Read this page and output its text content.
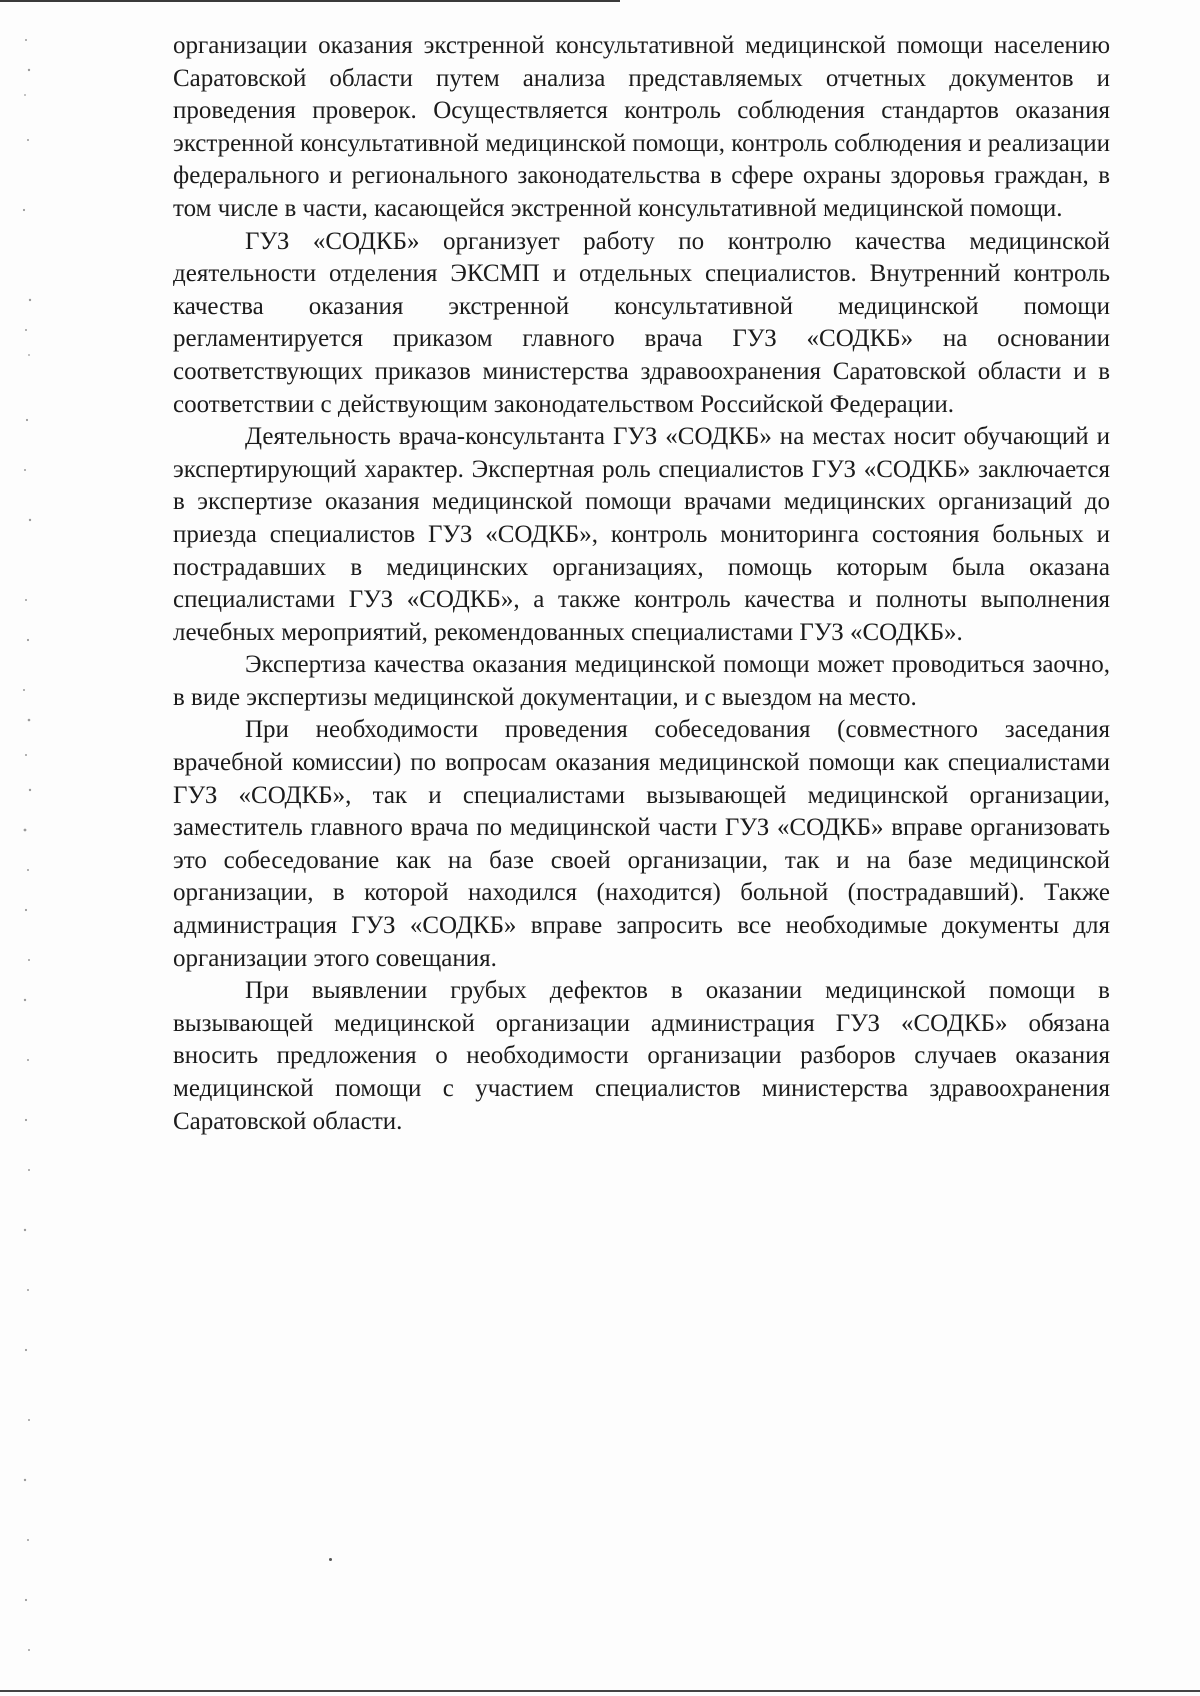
организации оказания экстренной консультативной медицинской помощи населению Саратовской области путем анализа представляемых отчетных документов и проведения проверок. Осуществляется контроль соблюдения стандартов оказания экстренной консультативной медицинской помощи, контроль соблюдения и реализации федерального и регионального законодательства в сфере охраны здоровья граждан, в том числе в части, касающейся экстренной консультативной медицинской помощи.

ГУЗ «СОДКБ» организует работу по контролю качества медицинской деятельности отделения ЭКСМП и отдельных специалистов. Внутренний контроль качества оказания экстренной консультативной медицинской помощи регламентируется приказом главного врача ГУЗ «СОДКБ» на основании соответствующих приказов министерства здравоохранения Саратовской области и в соответствии с действующим законодательством Российской Федерации.

Деятельность врача-консультанта ГУЗ «СОДКБ» на местах носит обучающий и экспертирующий характер. Экспертная роль специалистов ГУЗ «СОДКБ» заключается в экспертизе оказания медицинской помощи врачами медицинских организаций до приезда специалистов ГУЗ «СОДКБ», контроль мониторинга состояния больных и пострадавших в медицинских организациях, помощь которым была оказана специалистами ГУЗ «СОДКБ», а также контроль качества и полноты выполнения лечебных мероприятий, рекомендованных специалистами ГУЗ «СОДКБ».

Экспертиза качества оказания медицинской помощи может проводиться заочно, в виде экспертизы медицинской документации, и с выездом на место.

При необходимости проведения собеседования (совместного заседания врачебной комиссии) по вопросам оказания медицинской помощи как специалистами ГУЗ «СОДКБ», так и специалистами вызывающей медицинской организации, заместитель главного врача по медицинской части ГУЗ «СОДКБ» вправе организовать это собеседование как на базе своей организации, так и на базе медицинской организации, в которой находился (находится) больной (пострадавший). Также администрация ГУЗ «СОДКБ» вправе запросить все необходимые документы для организации этого совещания.

При выявлении грубых дефектов в оказании медицинской помощи в вызывающей медицинской организации администрация ГУЗ «СОДКБ» обязана вносить предложения о необходимости организации разборов случаев оказания медицинской помощи с участием специалистов министерства здравоохранения Саратовской области.
